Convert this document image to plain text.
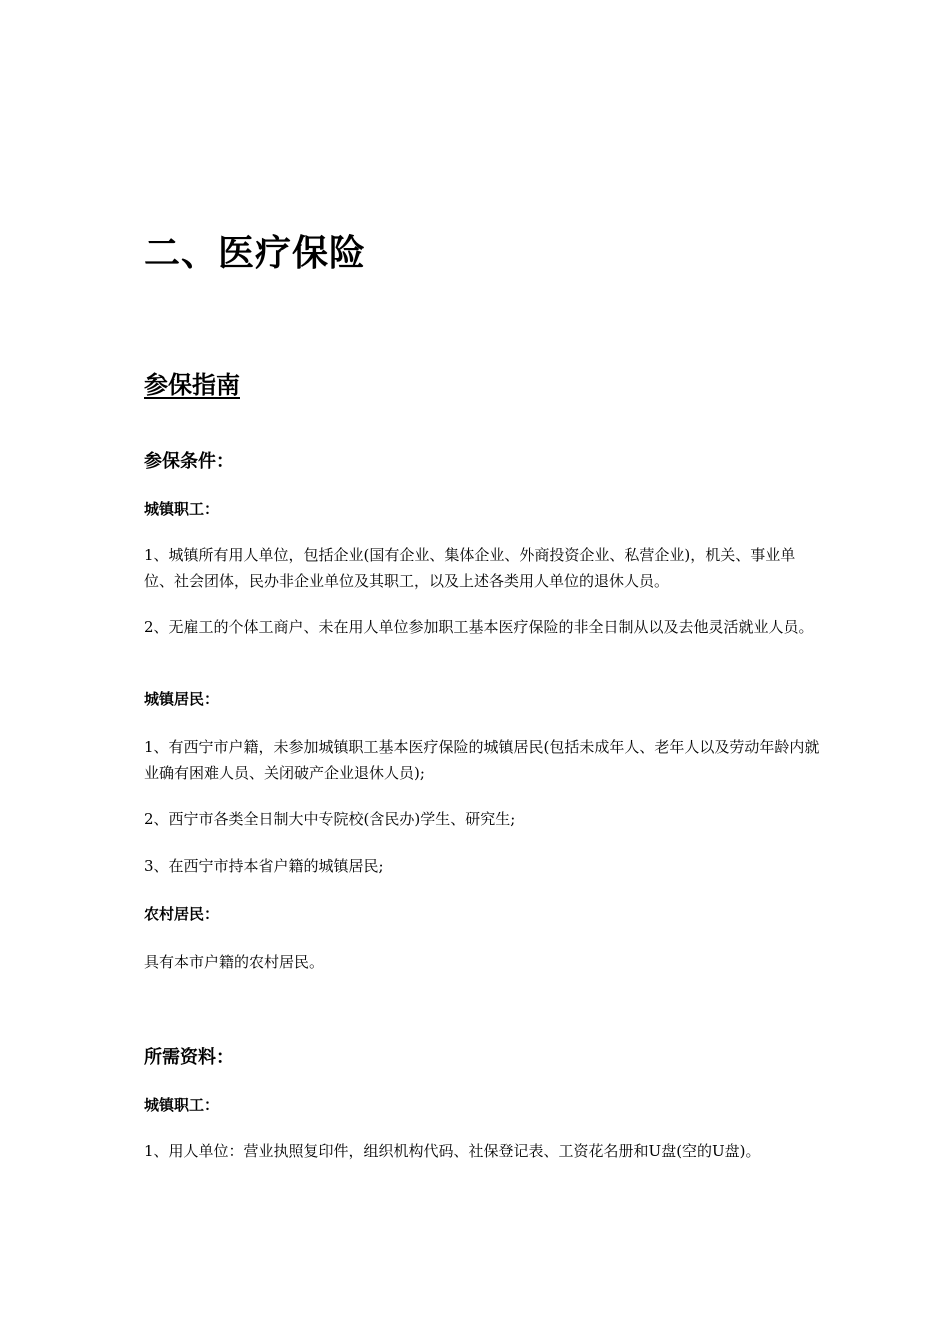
二、医疗保险
参保指南
参保条件：
城镇职工：

1、城镇所有用人单位，包括企业(国有企业、集体企业、外商投资企业、私营企业)，机关、事业单位、社会团体，民办非企业单位及其职工，以及上述各类用人单位的退休人员。

2、无雇工的个体工商户、未在用人单位参加职工基本医疗保险的非全日制从以及去他灵活就业人员。

城镇居民：

1、有西宁市户籍，未参加城镇职工基本医疗保险的城镇居民(包括未成年人、老年人以及劳动年龄内就业确有困难人员、关闭破产企业退休人员);

2、西宁市各类全日制大中专院校(含民办)学生、研究生;

3、在西宁市持本省户籍的城镇居民;

农村居民：

具有本市户籍的农村居民。

所需资料：
城镇职工：

1、用人单位：营业执照复印件，组织机构代码、社保登记表、工资花名册和U盘(空的U盘)。
